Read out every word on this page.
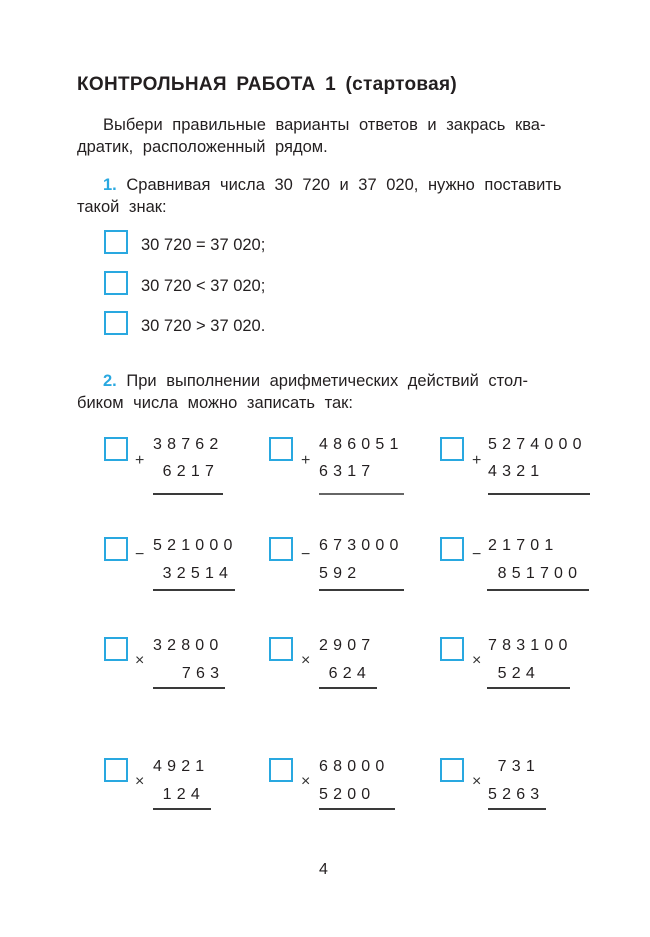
КОНТРОЛЬНАЯ РАБОТА 1 (стартовая)
Выбери правильные варианты ответов и закрась ква-
дратик, расположенный рядом.
1. Сравнивая числа 30 720 и 37 020, нужно поставить
такой знак:
30 720 = 37 020;
30 720 < 37 020;
30 720 > 37 020.
2. При выполнении арифметических действий стол-
биком числа можно записать так:
+
38762
6217
+
486051
6317
+
5274000
4321
−
521000
32514
−
673000
592
−
21701
851700
×
32800
763
×
2907
624
×
783100
524
×
4921
124
×
68000
5200
×
731
5263
4
